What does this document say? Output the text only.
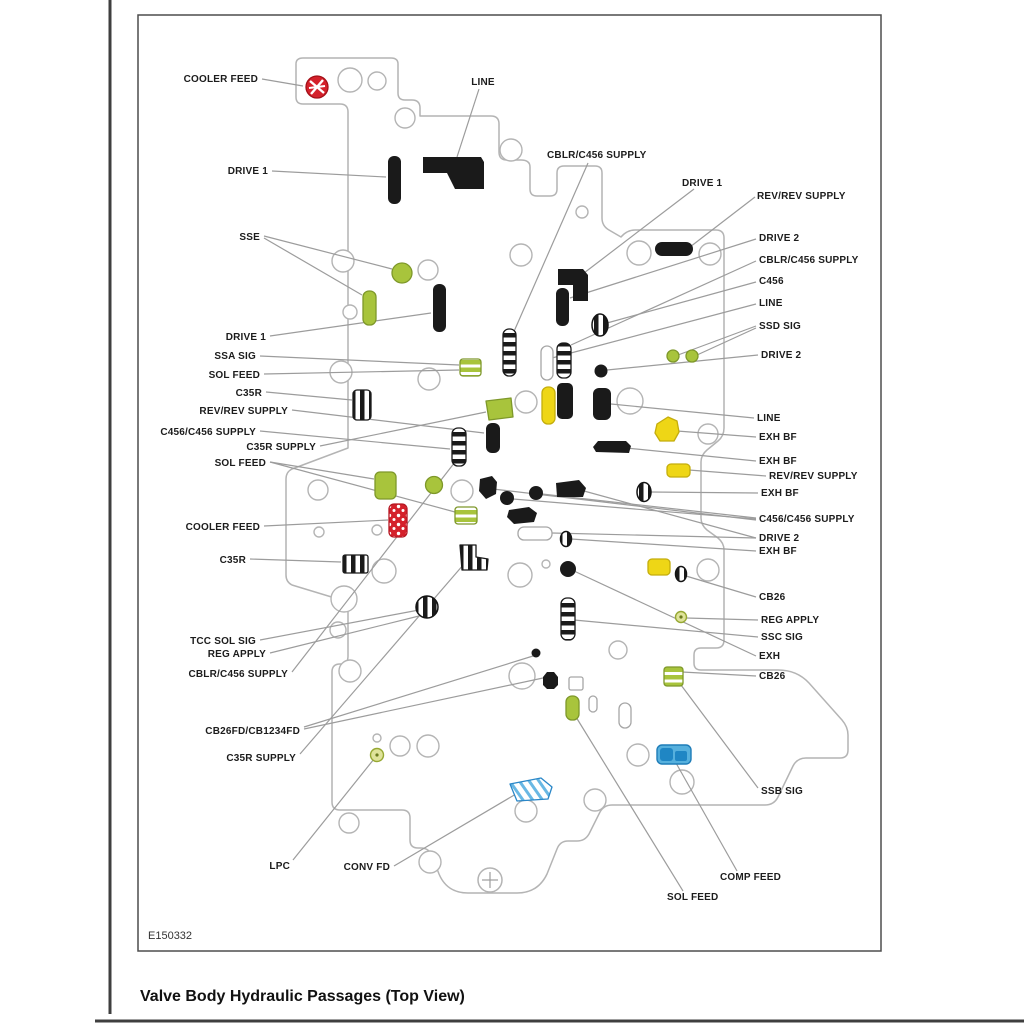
COOLER FEED
DRIVE 1
SSE
DRIVE 1
SSA SIG
SOL FEED
C35R
REV/REV SUPPLY
C456/C456 SUPPLY
C35R SUPPLY
SOL FEED
COOLER FEED
C35R
TCC SOL SIG
REG APPLY
CBLR/C456 SUPPLY
CB26FD/CB1234FD
C35R SUPPLY
LPC	CONV FD
LINE
CBLR/C456 SUPPLY
DRIVE 1
REV/REV SUPPLY
DRIVE 2
CBLR/C456 SUPPLY
C456
LINE
SSD SIG
DRIVE 2
LINE
EXH BF
EXH BF
REV/REV SUPPLY
EXH BF
C456/C456 SUPPLY
DRIVE 2
EXH BF
CB26
REG APPLY
SSC SIG
EXH
CB26
SSB SIG
COMP FEED
SOL FEED
E150332
Valve Body Hydraulic Passages (Top View)
